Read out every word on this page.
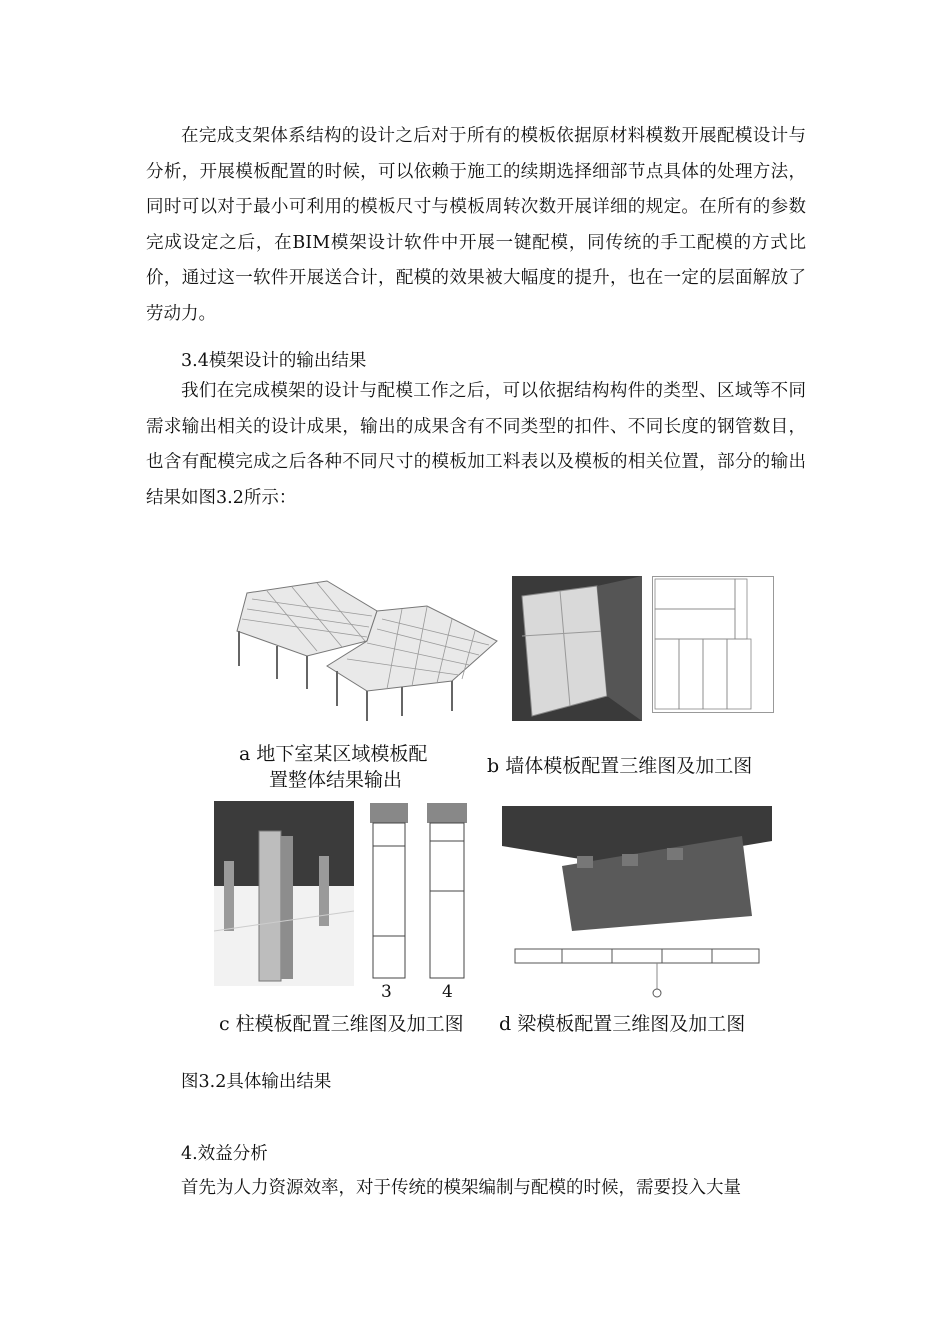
在完成支架体系结构的设计之后对于所有的模板依据原材料模数开展配模设计与分析，开展模板配置的时候，可以依赖于施工的续期选择细部节点具体的处理方法，同时可以对于最小可利用的模板尺寸与模板周转次数开展详细的规定。在所有的参数完成设定之后，在BIM模架设计软件中开展一键配模，同传统的手工配模的方式比价，通过这一软件开展送合计，配模的效果被大幅度的提升，也在一定的层面解放了劳动力。

3.4模架设计的输出结果

我们在完成模架的设计与配模工作之后，可以依据结构构件的类型、区域等不同需求输出相关的设计成果，输出的成果含有不同类型的扣件、不同长度的钢管数目，也含有配模完成之后各种不同尺寸的模板加工料表以及模板的相关位置，部分的输出结果如图3.2所示：

a 地下室某区域模板配
置整体结果输出
b 墙体模板配置三维图及加工图
3	4
c 柱模板配置三维图及加工图 d 梁模板配置三维图及加工图

图3.2具体输出结果

4.效益分析

首先为人力资源效率，对于传统的模架编制与配模的时候，需要投入大量
